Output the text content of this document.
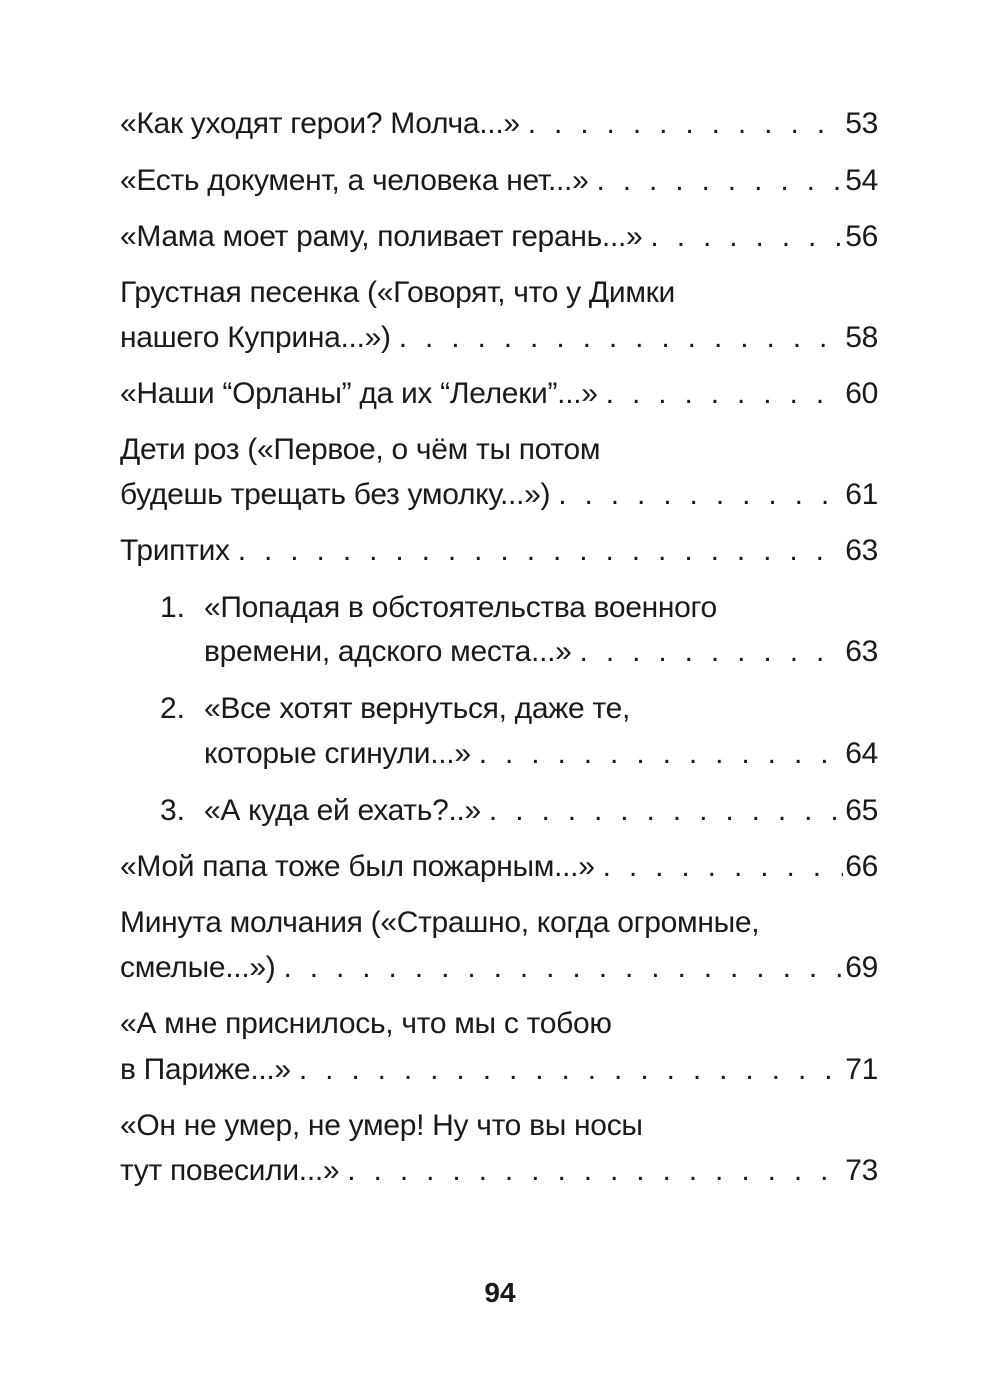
«Как уходят герои? Молча...» . . .	53
«Есть документ, а человека нет...» . . .	54
«Мама моет раму, поливает герань...» . . .	56
Грустная песенка («Говорят, что у Димки
нашего Куприна...») . . .	58
«Наши “Орланы” да их “Лелеки”...» . . .	60
Дети роз («Первое, о чём ты потом
будешь трещать без умолку...») . . .	61
Триптих . . .	63
1. «Попадая в обстоятельства военного
времени, адского места...» . . .	63
2. «Все хотят вернуться, даже те,
которые сгинули...» . . .	64
3. «А куда ей ехать?..» . . .	65
«Мой папа тоже был пожарным...» . . .	66
Минута молчания («Страшно, когда огромные,
смелые...») . . .	69
«А мне приснилось, что мы с тобою
в Париже...» . . .	71
«Он не умер, не умер! Ну что вы носы
тут повесили...» . . .	73
94
